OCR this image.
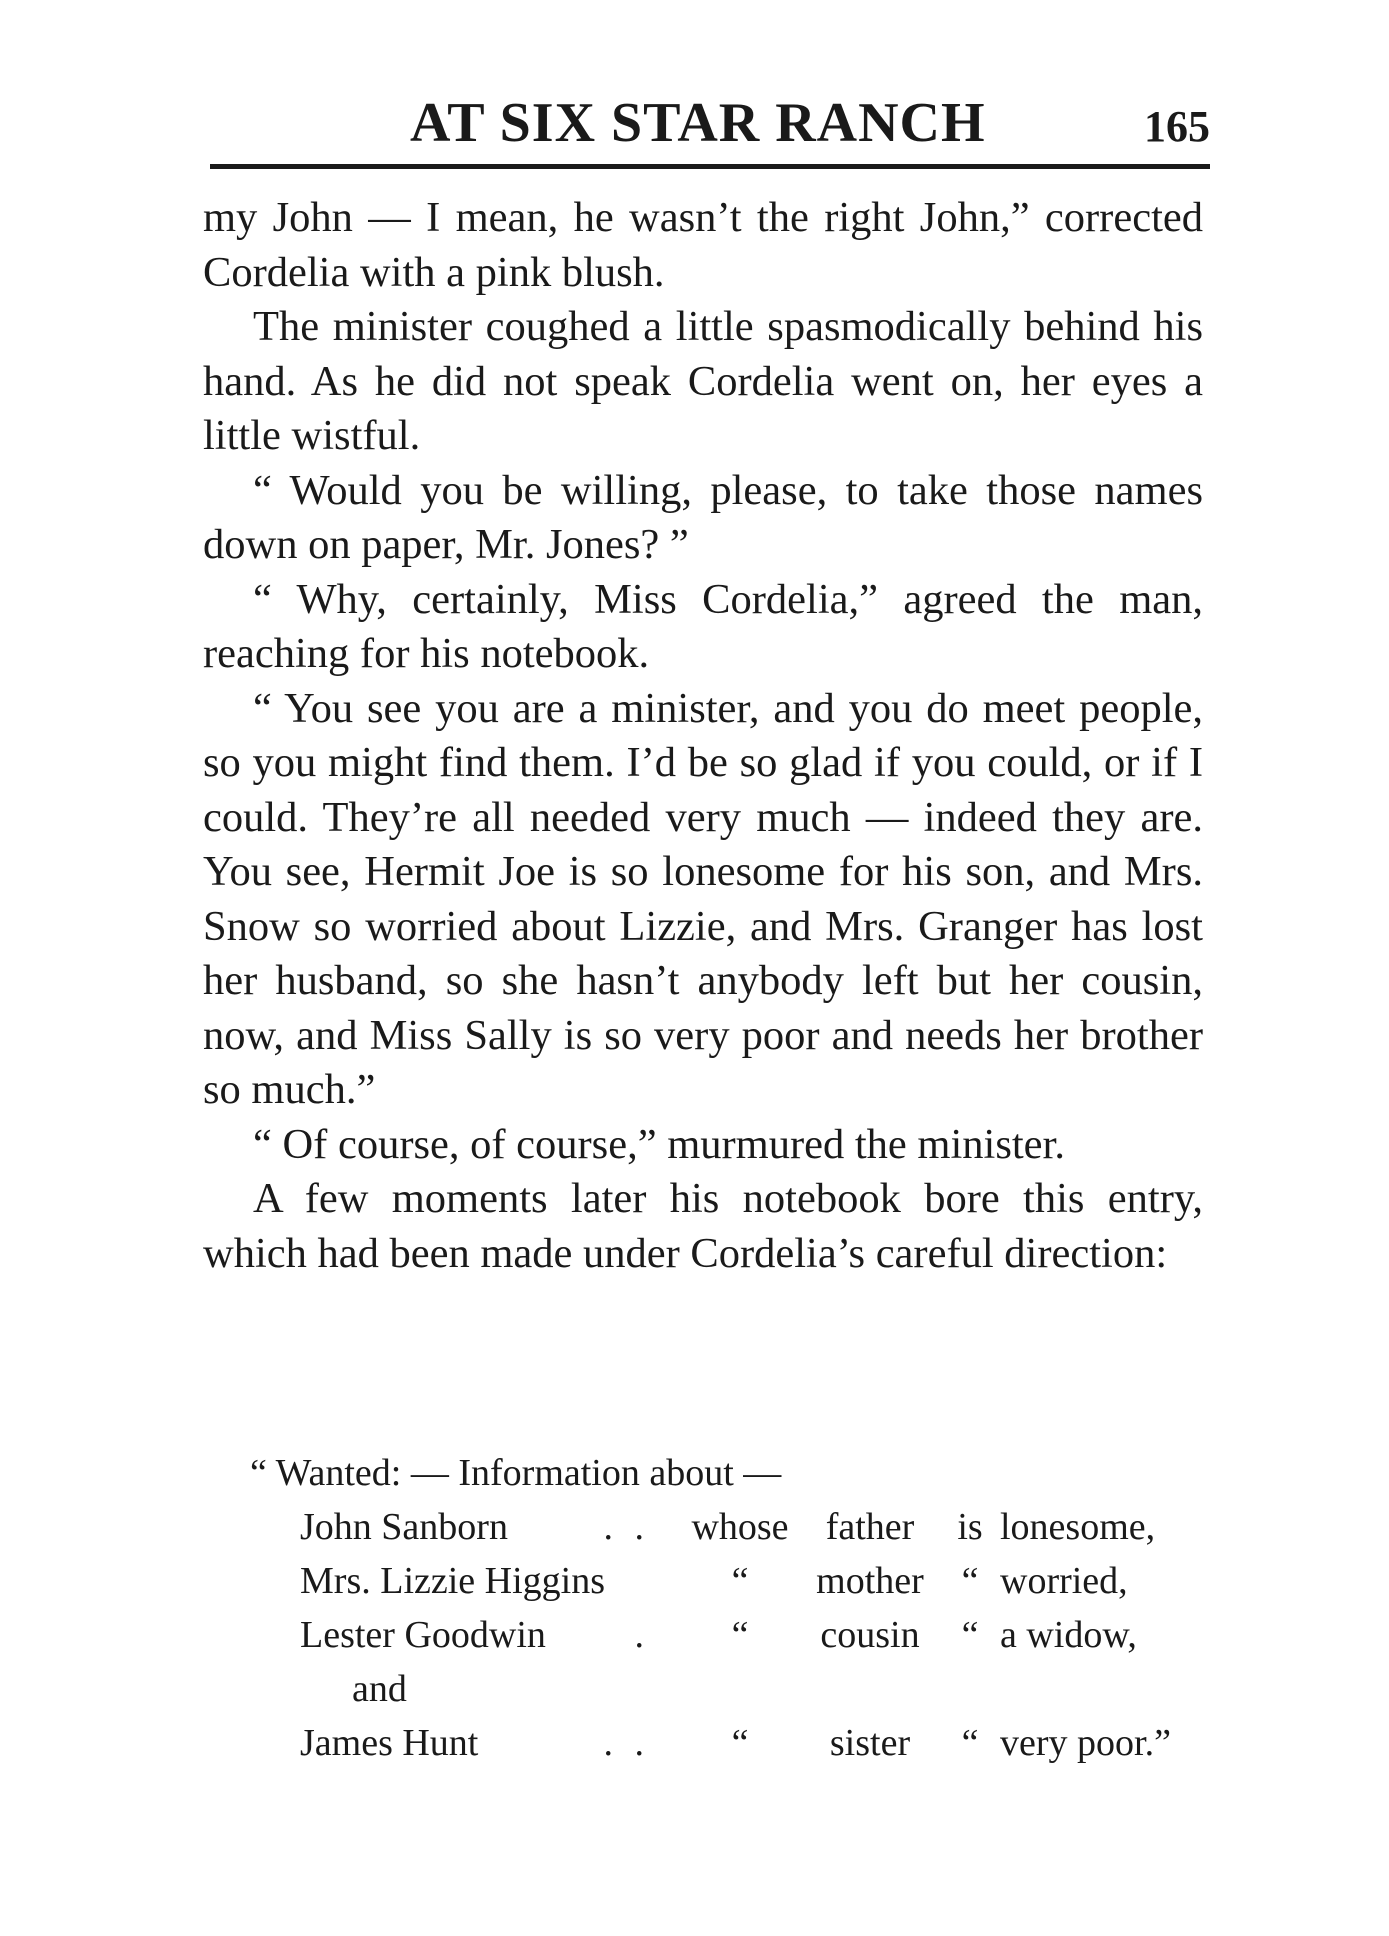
AT SIX STAR RANCH	165

my John — I mean, he wasn’t the right John,” corrected Cordelia with a pink blush.

The minister coughed a little spasmodically behind his hand. As he did not speak Cordelia went on, her eyes a little wistful.

“ Would you be willing, please, to take those names down on paper, Mr. Jones? ”

“ Why, certainly, Miss Cordelia,” agreed the man, reaching for his notebook.

“ You see you are a minister, and you do meet people, so you might find them. I’d be so glad if you could, or if I could. They’re all needed very much — indeed they are. You see, Hermit Joe is so lonesome for his son, and Mrs. Snow so worried about Lizzie, and Mrs. Granger has lost her husband, so she hasn’t anybody left but her cousin, now, and Miss Sally is so very poor and needs her brother so much.”

“ Of course, of course,” murmured the minister.

A few moments later his notebook bore this entry, which had been made under Cordelia’s careful direction:

“ Wanted: — Information about —

John Sanborn	. .	whose father	is lonesome,
Mrs. Lizzie Higgins	“	mother “ worried,
Lester Goodwin	.	“	cousin	“ a widow,
and
James Hunt	. .	“	sister	“ very poor.”
